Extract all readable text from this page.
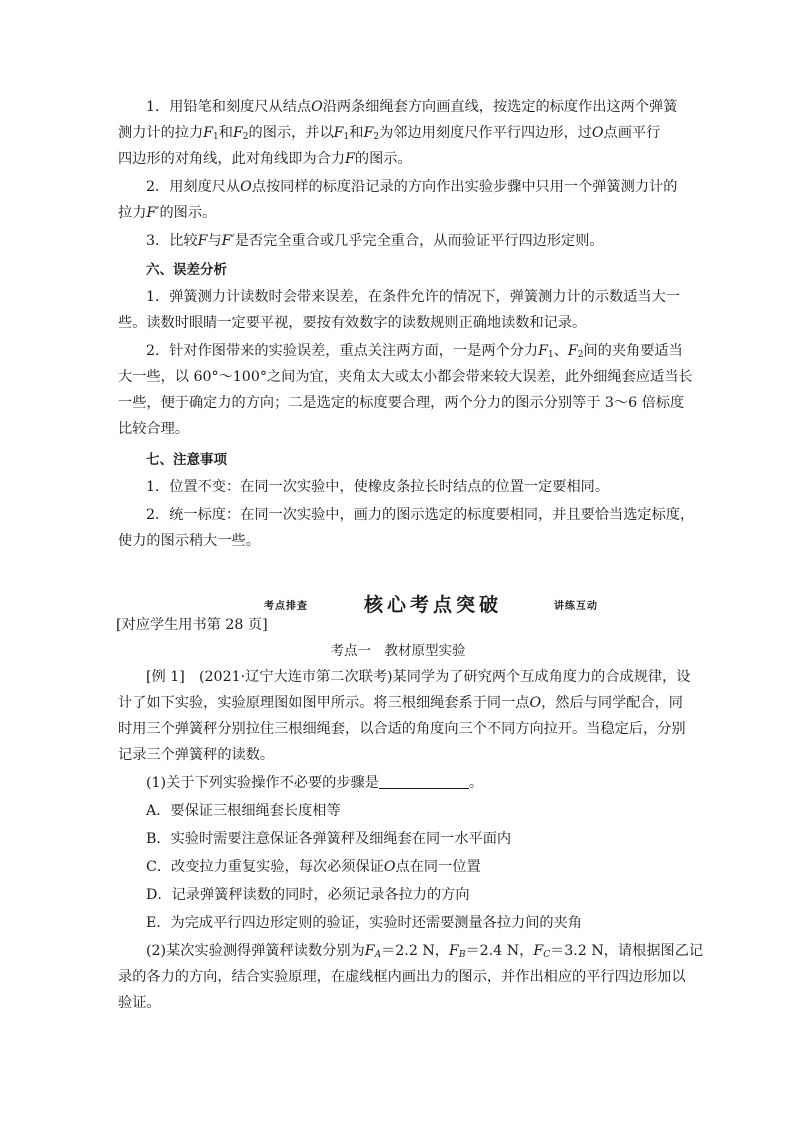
1．用铅笔和刻度尺从结点O沿两条细绳套方向画直线，按选定的标度作出这两个弹簧

测力计的拉力$F_1$和$F_2$的图示，并以$F_1$和$F_2$为邻边用刻度尺作平行四边形，过O点画平行

四边形的对角线，此对角线即为合力F的图示。

2．用刻度尺从O点按同样的标度沿记录的方向作出实验步骤中只用一个弹簧测力计的

拉力F′的图示。

3．比较F与F′是否完全重合或几乎完全重合，从而验证平行四边形定则。

六、误差分析

1．弹簧测力计读数时会带来误差，在条件允许的情况下，弹簧测力计的示数适当大一

些。读数时眼睛一定要平视，要按有效数字的读数规则正确地读数和记录。

2．针对作图带来的实验误差，重点关注两方面，一是两个分力$F_1$、$F_2$间的夹角要适当

大一些，以 60°～100°之间为宜，夹角太大或太小都会带来较大误差，此外细绳套应适当长

一些，便于确定力的方向；二是选定的标度要合理，两个分力的图示分别等于 3～6 倍标度

比较合理。

七、注意事项

1．位置不变：在同一次实验中，使橡皮条拉长时结点的位置一定要相同。

2．统一标度：在同一次实验中，画力的图示选定的标度要相同，并且要恰当选定标度，

使力的图示稍大一些。

考点排查	核心考点突破	讲练互动

[对应学生用书第 28 页]

考点一　教材原型实验

[例 1]　(2021·辽宁大连市第二次联考)某同学为了研究两个互成角度力的合成规律，设

计了如下实验，实验原理图如图甲所示。将三根细绳套系于同一点O，然后与同学配合，同

时用三个弹簧秤分别拉住三根细绳套，以合适的角度向三个不同方向拉开。当稳定后，分别

记录三个弹簧秤的读数。

(1)关于下列实验操作不必要的步骤是	。

A．要保证三根细绳套长度相等

B．实验时需要注意保证各弹簧秤及细绳套在同一水平面内

C．改变拉力重复实验，每次必须保证O点在同一位置

D．记录弹簧秤读数的同时，必须记录各拉力的方向

E．为完成平行四边形定则的验证，实验时还需要测量各拉力间的夹角

(2)某次实验测得弹簧秤读数分别为$F_A=2.2$ N，$F_B=2.4$ N，$F_C=3.2$ N，请根据图乙记

录的各力的方向，结合实验原理，在虚线框内画出力的图示，并作出相应的平行四边形加以

验证。
